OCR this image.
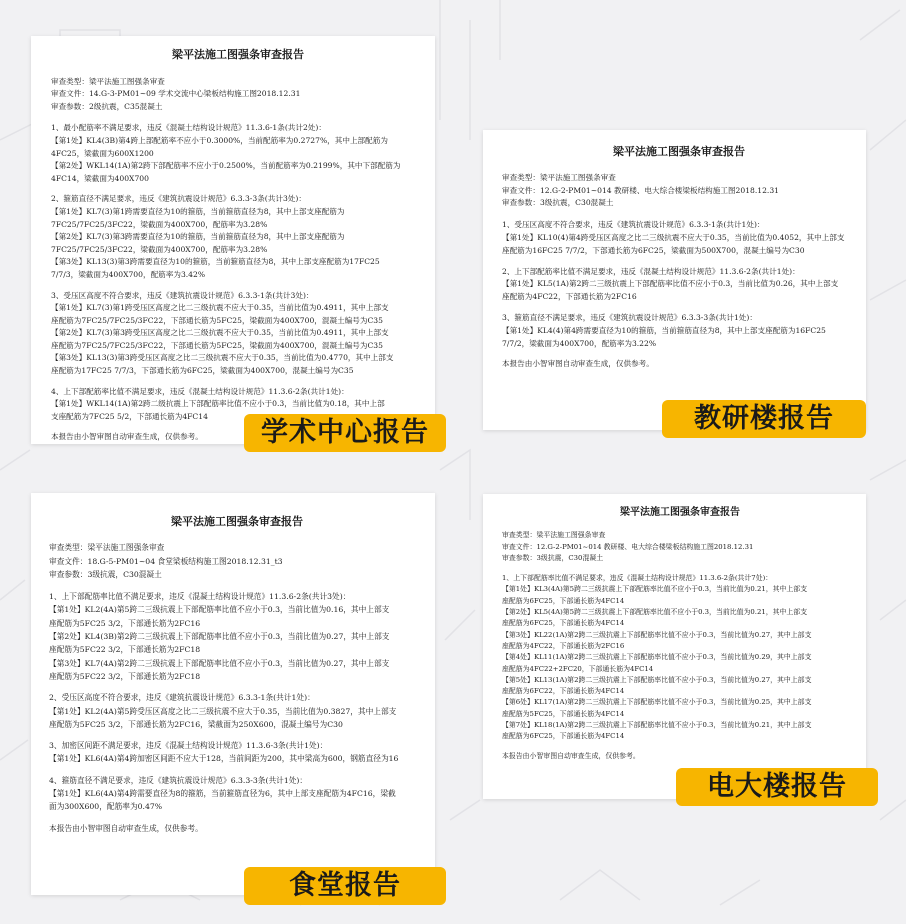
梁平法施工图强条审查报告
审查类型：梁平法施工图强条审查
审查文件：14.G-3-PM01~09 学术交流中心梁板结构施工图2018.12.31
审查参数：2级抗震，C35混凝土
1、最小配筋率不满足要求，违反《混凝土结构设计规范》11.3.6-1条(共计2处)：
【第1处】KL4(3B)第4跨上部配筋率不应小于0.3000%，当前配筋率为0.2727%，其中上部配筋为
4FC25，梁截面为600X1200
【第2处】WKL14(1A)第2跨下部配筋率不应小于0.2500%，当前配筋率为0.2199%，其中下部配筋为
4FC14，梁截面为400X700
2、箍筋直径不满足要求，违反《建筑抗震设计规范》6.3.3-3条(共计3处)：
【第1处】KL7(3)第1跨需要直径为10的箍筋，当前箍筋直径为8，其中上部支座配筋为
7FC25/7FC25/3FC22，梁截面为400X700，配筋率为3.28%
【第2处】KL7(3)第3跨需要直径为10的箍筋，当前箍筋直径为8，其中上部支座配筋为
7FC25/7FC25/3FC22，梁截面为400X700，配筋率为3.28%
【第3处】KL13(3)第3跨需要直径为10的箍筋，当前箍筋直径为8，其中上部支座配筋为17FC25
7/7/3，梁截面为400X700，配筋率为3.42%
3、受压区高度不符合要求，违反《建筑抗震设计规范》6.3.3-1条(共计3处)：
【第1处】KL7(3)第1跨受压区高度之比二三级抗震不应大于0.35，当前比值为0.4911，其中上部支
座配筋为7FC25/7FC25/3FC22，下部通长筋为5FC25，梁截面为400X700，混凝土编号为C35
【第2处】KL7(3)第3跨受压区高度之比二三级抗震不应大于0.35，当前比值为0.4911，其中上部支
座配筋为7FC25/7FC25/3FC22，下部通长筋为5FC25，梁截面为400X700，混凝土编号为C35
【第3处】KL13(3)第3跨受压区高度之比二三级抗震不应大于0.35，当前比值为0.4770，其中上部支
座配筋为17FC25 7/7/3，下部通长筋为6FC25，梁截面为400X700，混凝土编号为C35
4、上下部配筋率比值不满足要求，违反《混凝土结构设计规范》11.3.6-2条(共计1处)：
【第1处】WKL14(1A)第2跨二级抗震上下部配筋率比值不应小于0.3，当前比值为0.18，其中上部
支座配筋为7FC25 5/2，下部通长筋为4FC14
本报告由小智审图自动审查生成，仅供参考。
梁平法施工图强条审查报告
审查类型：梁平法施工图强条审查
审查文件：12.G-2-PM01~014 教研楼、电大综合楼梁板结构施工图2018.12.31
审查参数：3级抗震，C30混凝土
1、受压区高度不符合要求，违反《建筑抗震设计规范》6.3.3-1条(共计1处)：
【第1处】KL10(4)第4跨受压区高度之比二三级抗震不应大于0.35，当前比值为0.4052，其中上部支
座配筋为16FC25 7/7/2，下部通长筋为6FC25，梁截面为500X700，混凝土编号为C30
2、上下部配筋率比值不满足要求，违反《混凝土结构设计规范》11.3.6-2条(共计1处)：
【第1处】KL5(1A)第2跨二三级抗震上下部配筋率比值不应小于0.3，当前比值为0.26，其中上部支
座配筋为4FC22，下部通长筋为2FC16
3、箍筋直径不满足要求，违反《建筑抗震设计规范》6.3.3-3条(共计1处)：
【第1处】KL4(4)第4跨需要直径为10的箍筋，当前箍筋直径为8，其中上部支座配筋为16FC25
7/7/2，梁截面为400X700，配筋率为3.22%
本报告由小智审图自动审查生成，仅供参考。
梁平法施工图强条审查报告
审查类型：梁平法施工图强条审查
审查文件：18.G-5-PM01~04 食堂梁板结构施工图2018.12.31_t3
审查参数：3级抗震，C30混凝土
1、上下部配筋率比值不满足要求，违反《混凝土结构设计规范》11.3.6-2条(共计3处)：
【第1处】KL2(4A)第5跨二三级抗震上下部配筋率比值不应小于0.3，当前比值为0.16，其中上部支
座配筋为5FC25 3/2，下部通长筋为2FC16
【第2处】KL4(3B)第2跨二三级抗震上下部配筋率比值不应小于0.3，当前比值为0.27，其中上部支
座配筋为5FC22 3/2，下部通长筋为2FC18
【第3处】KL7(4A)第2跨二三级抗震上下部配筋率比值不应小于0.3，当前比值为0.27，其中上部支
座配筋为5FC22 3/2，下部通长筋为2FC18
2、受压区高度不符合要求，违反《建筑抗震设计规范》6.3.3-1条(共计1处)：
【第1处】KL2(4A)第5跨受压区高度之比二三级抗震不应大于0.35，当前比值为0.3827，其中上部支
座配筋为5FC25 3/2，下部通长筋为2FC16，梁截面为250X600，混凝土编号为C30
3、加密区间距不满足要求，违反《混凝土结构设计规范》11.3.6-3条(共计1处)：
【第1处】KL6(4A)第4跨加密区间距不应大于128，当前间距为200，其中梁高为600，钢筋直径为16
4、箍筋直径不满足要求，违反《建筑抗震设计规范》6.3.3-3条(共计1处)：
【第1处】KL6(4A)第4跨需要直径为8的箍筋，当前箍筋直径为6，其中上部支座配筋为4FC16，梁截
面为300X600，配筋率为0.47%
本报告由小智审图自动审查生成，仅供参考。
梁平法施工图强条审查报告
审查类型：梁平法施工图强条审查
审查文件：12.G-2-PM01~014 教研楼、电大综合楼梁板结构施工图2018.12.31
审查参数：3级抗震，C30混凝土
1、上下部配筋率比值不满足要求，违反《混凝土结构设计规范》11.3.6-2条(共计7处)：
【第1处】KL3(4A)第5跨二三级抗震上下部配筋率比值不应小于0.3，当前比值为0.21，其中上部支
座配筋为6FC25，下部通长筋为4FC14
【第2处】KL5(4A)第5跨二三级抗震上下部配筋率比值不应小于0.3，当前比值为0.21，其中上部支
座配筋为6FC25，下部通长筋为4FC14
【第3处】KL22(1A)第2跨二三级抗震上下部配筋率比值不应小于0.3，当前比值为0.27，其中上部支
座配筋为4FC22，下部通长筋为2FC16
【第4处】KL11(1A)第2跨二三级抗震上下部配筋率比值不应小于0.3，当前比值为0.29，其中上部支
座配筋为4FC22+2FC20，下部通长筋为4FC14
【第5处】KL13(1A)第2跨二三级抗震上下部配筋率比值不应小于0.3，当前比值为0.27，其中上部支
座配筋为6FC22，下部通长筋为4FC14
【第6处】KL17(1A)第2跨二三级抗震上下部配筋率比值不应小于0.3，当前比值为0.25，其中上部支
座配筋为5FC25，下部通长筋为4FC14
【第7处】KL18(1A)第2跨二三级抗震上下部配筋率比值不应小于0.3，当前比值为0.21，其中上部支
座配筋为6FC25，下部通长筋为4FC14
本报告由小智审图自动审查生成，仅供参考。
学术中心报告	教研楼报告
食堂报告
电大楼报告
